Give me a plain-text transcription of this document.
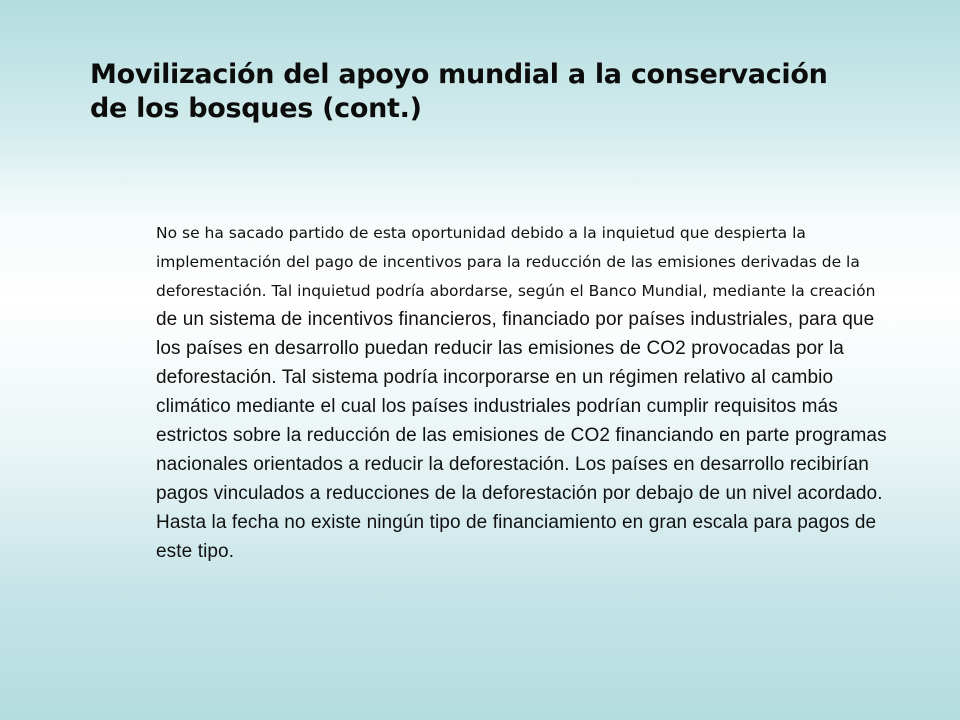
Movilización del apoyo mundial a la conservación
de los bosques (cont.)

No se ha sacado partido de esta oportunidad debido a la inquietud que despierta la implementación del pago de incentivos para la reducción de las emisiones derivadas de la deforestación. Tal inquietud podría abordarse, según el Banco Mundial, mediante la creación de un sistema de incentivos financieros, financiado por países industriales, para que los países en desarrollo puedan reducir las emisiones de CO2 provocadas por la deforestación. Tal sistema podría incorporarse en un régimen relativo al cambio climático mediante el cual los países industriales podrían cumplir requisitos más estrictos sobre la reducción de las emisiones de CO2 financiando en parte programas nacionales orientados a reducir la deforestación. Los países en desarrollo recibirían pagos vinculados a reducciones de la deforestación por debajo de un nivel acordado. Hasta la fecha no existe ningún tipo de financiamiento en gran escala para pagos de este tipo.
